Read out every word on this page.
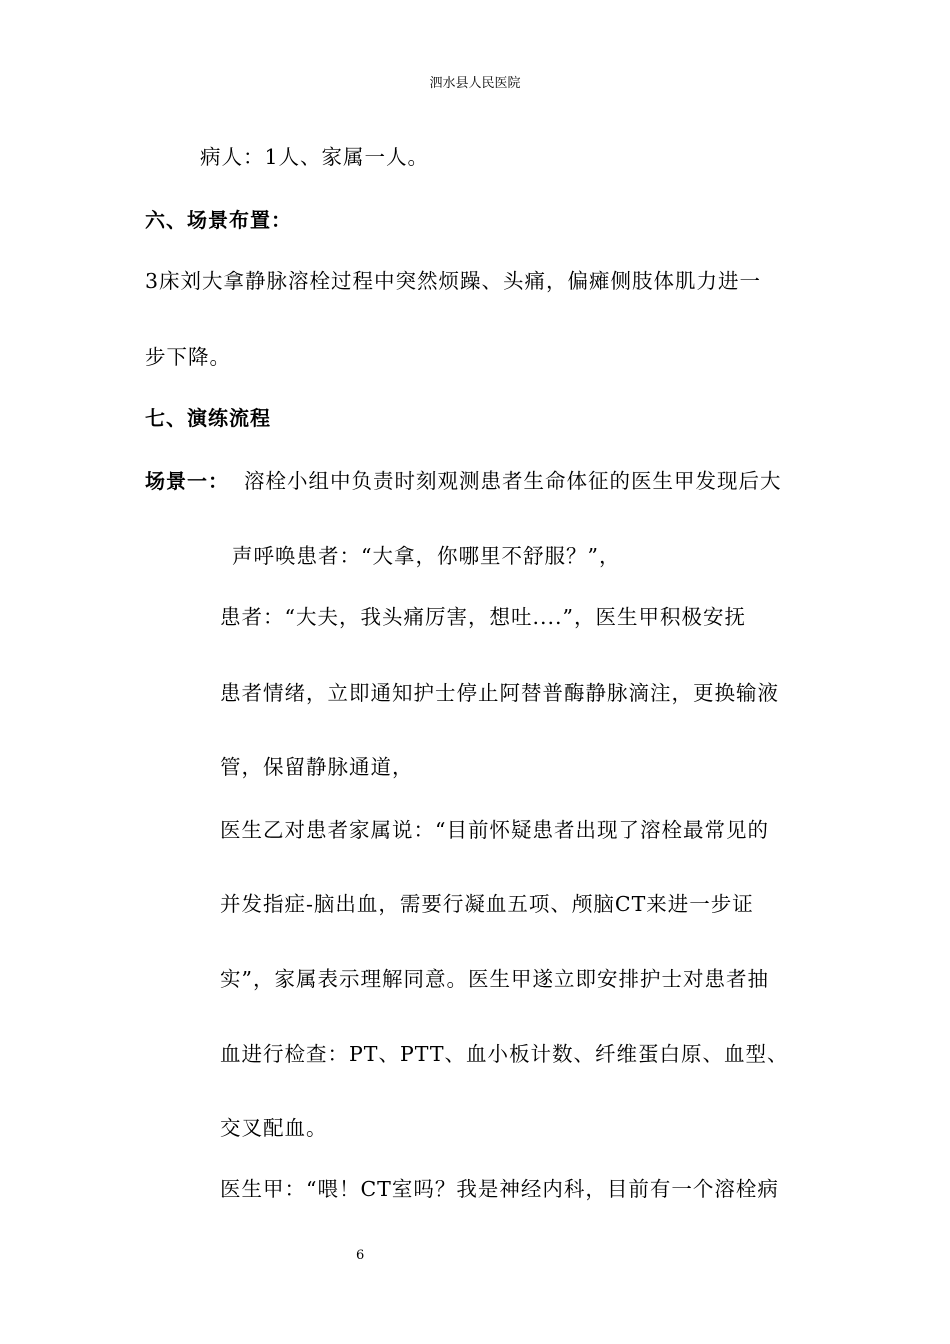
泗水县人民医院
病人：1人、家属一人。
六、场景布置：
3床刘大拿静脉溶栓过程中突然烦躁、头痛，偏瘫侧肢体肌力进一
步下降。
七、演练流程
场景一： 溶栓小组中负责时刻观测患者生命体征的医生甲发现后大
声呼唤患者：“大拿，你哪里不舒服？”，
患者：“大夫，我头痛厉害，想吐....”，医生甲积极安抚
患者情绪，立即通知护士停止阿替普酶静脉滴注，更换输液
管，保留静脉通道，
医生乙对患者家属说：“目前怀疑患者出现了溶栓最常见的
并发指症-脑出血，需要行凝血五项、颅脑CT来进一步证
实”，家属表示理解同意。医生甲遂立即安排护士对患者抽
血进行检查：PT、PTT、血小板计数、纤维蛋白原、血型、
交叉配血。
医生甲：“喂！CT室吗？我是神经内科，目前有一个溶栓病
6
